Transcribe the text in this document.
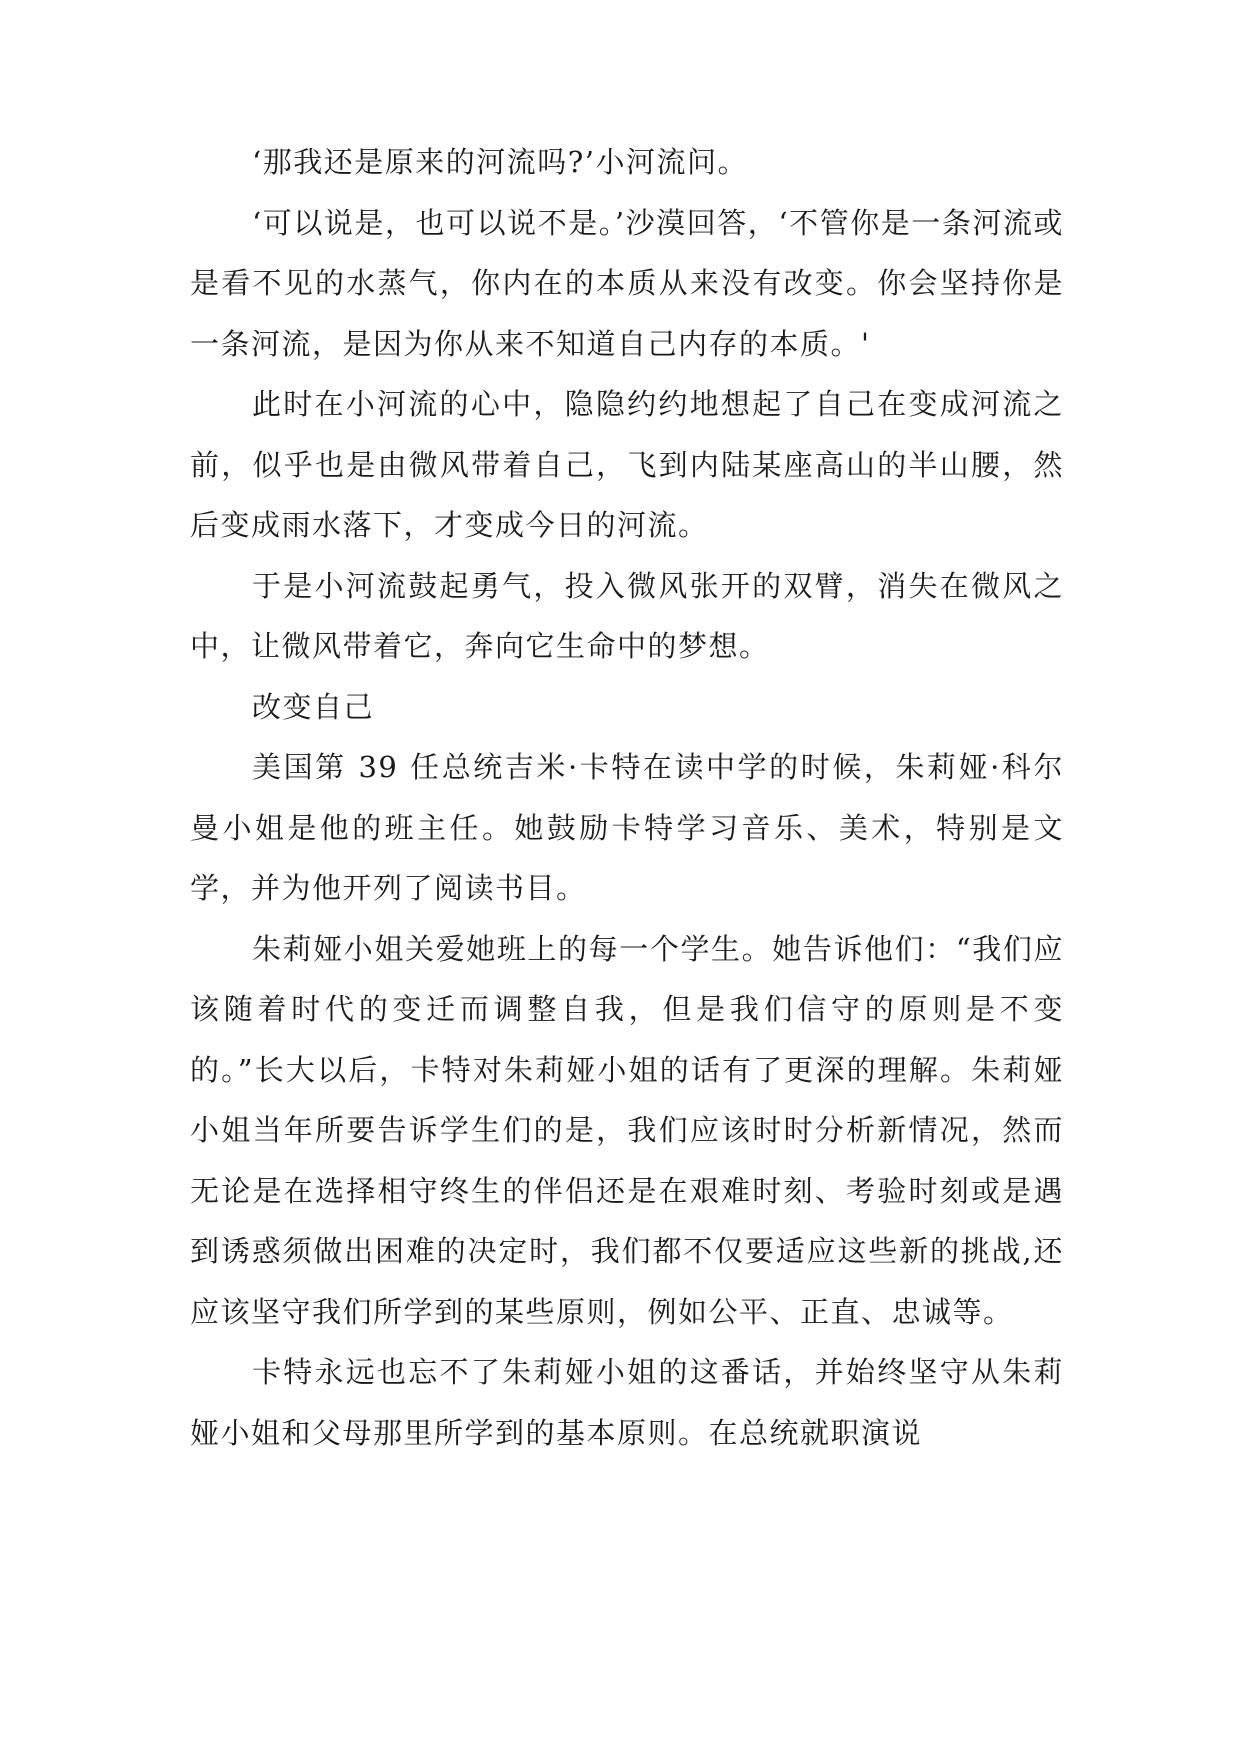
‘那我还是原来的河流吗?’小河流问。

‘可以说是，也可以说不是。’沙漠回答，‘不管你是一条河流或是看不见的水蒸气，你内在的本质从来没有改变。你会坚持你是一条河流，是因为你从来不知道自己内存的本质。'

此时在小河流的心中，隐隐约约地想起了自己在变成河流之前，似乎也是由微风带着自己，飞到内陆某座高山的半山腰，然后变成雨水落下，才变成今日的河流。

于是小河流鼓起勇气，投入微风张开的双臂，消失在微风之中，让微风带着它，奔向它生命中的梦想。

改变自己

美国第 39 任总统吉米·卡特在读中学的时候，朱莉娅·科尔曼小姐是他的班主任。她鼓励卡特学习音乐、美术，特别是文学，并为他开列了阅读书目。

朱莉娅小姐关爱她班上的每一个学生。她告诉他们：“我们应该随着时代的变迁而调整自我，但是我们信守的原则是不变的。”长大以后，卡特对朱莉娅小姐的话有了更深的理解。朱莉娅小姐当年所要告诉学生们的是，我们应该时时分析新情况，然而无论是在选择相守终生的伴侣还是在艰难时刻、考验时刻或是遇到诱惑须做出困难的决定时，我们都不仅要适应这些新的挑战,还应该坚守我们所学到的某些原则，例如公平、正直、忠诚等。

卡特永远也忘不了朱莉娅小姐的这番话，并始终坚守从朱莉娅小姐和父母那里所学到的基本原则。在总统就职演说
